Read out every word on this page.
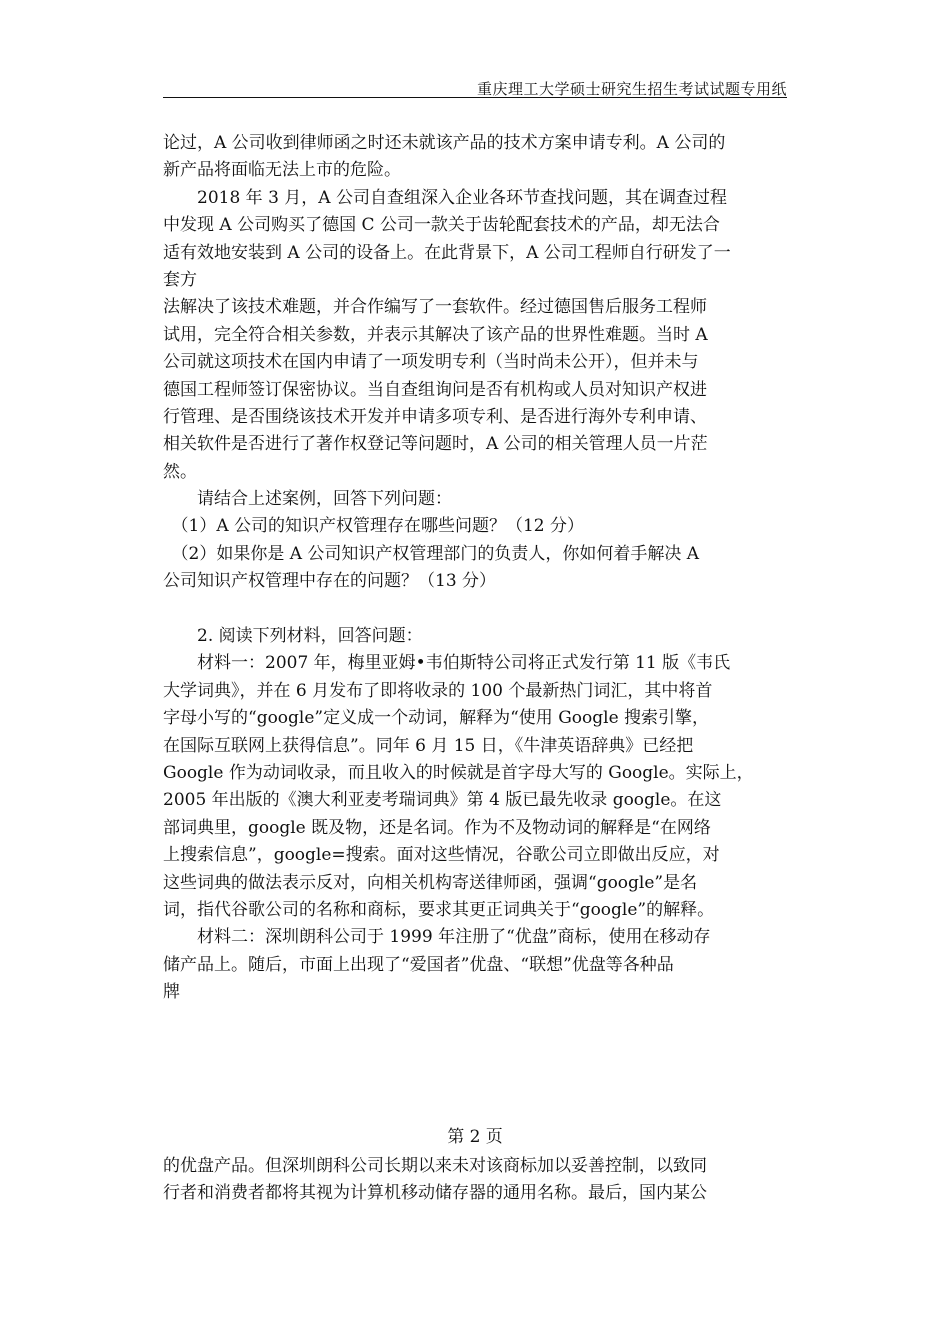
重庆理工大学硕士研究生招生考试试题专用纸
论过，A 公司收到律师函之时还未就该产品的技术方案申请专利。A 公司的
新产品将面临无法上市的危险。
　　2018 年 3 月，A 公司自查组深入企业各环节查找问题，其在调查过程
中发现 A 公司购买了德国 C 公司一款关于齿轮配套技术的产品，却无法合
适有效地安装到 A 公司的设备上。在此背景下，A 公司工程师自行研发了一
套方
法解决了该技术难题，并合作编写了一套软件。经过德国售后服务工程师
试用，完全符合相关参数，并表示其解决了该产品的世界性难题。当时 A
公司就这项技术在国内申请了一项发明专利（当时尚未公开），但并未与
德国工程师签订保密协议。当自查组询问是否有机构或人员对知识产权进
行管理、是否围绕该技术开发并申请多项专利、是否进行海外专利申请、
相关软件是否进行了著作权登记等问题时，A 公司的相关管理人员一片茫
然。
　　请结合上述案例，回答下列问题：
　（1）A 公司的知识产权管理存在哪些问题？（12 分）
　（2）如果你是 A 公司知识产权管理部门的负责人，你如何着手解决 A
公司知识产权管理中存在的问题？（13 分）
　　2. 阅读下列材料，回答问题：
　　材料一：2007 年，梅里亚姆•韦伯斯特公司将正式发行第 11 版《韦氏
大学词典》，并在 6 月发布了即将收录的 100 个最新热门词汇，其中将首
字母小写的“google”定义成一个动词，解释为“使用 Google 搜索引擎，
在国际互联网上获得信息”。同年 6 月 15 日，《牛津英语辞典》已经把
Google 作为动词收录，而且收入的时候就是首字母大写的 Google。实际上，
2005 年出版的《澳大利亚麦考瑞词典》第 4 版已最先收录 google。在这
部词典里，google 既及物，还是名词。作为不及物动词的解释是“在网络
上搜索信息”，google=搜索。面对这些情况，谷歌公司立即做出反应，对
这些词典的做法表示反对，向相关机构寄送律师函，强调“google”是名
词，指代谷歌公司的名称和商标，要求其更正词典关于“google”的解释。
　　材料二：深圳朗科公司于 1999 年注册了“优盘”商标，使用在移动存
储产品上。随后，市面上出现了“爱国者”优盘、“联想”优盘等各种品
牌
第 2 页
的优盘产品。但深圳朗科公司长期以来未对该商标加以妥善控制，以致同
行者和消费者都将其视为计算机移动储存器的通用名称。最后，国内某公
